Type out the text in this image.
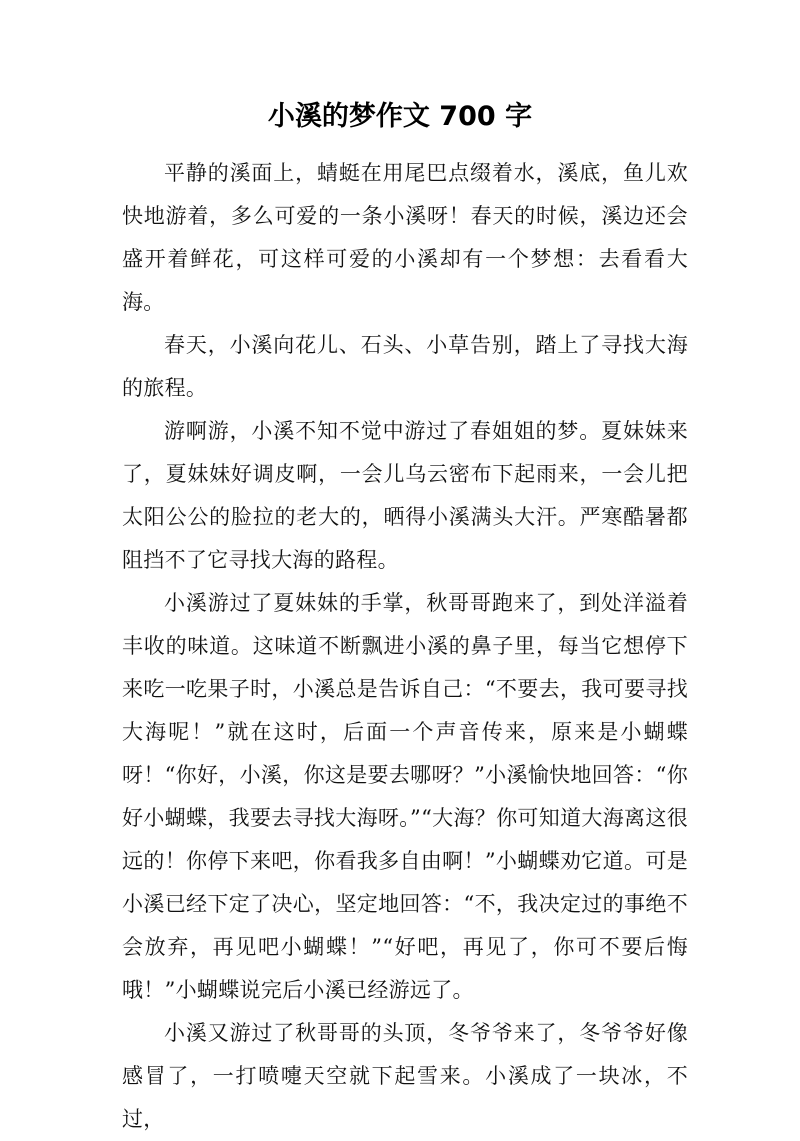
小溪的梦作文 700 字

平静的溪面上，蜻蜓在用尾巴点缀着水，溪底，鱼儿欢快地游着，多么可爱的一条小溪呀！春天的时候，溪边还会盛开着鲜花，可这样可爱的小溪却有一个梦想：去看看大海。

春天，小溪向花儿、石头、小草告别，踏上了寻找大海的旅程。

游啊游，小溪不知不觉中游过了春姐姐的梦。夏妹妹来了，夏妹妹好调皮啊，一会儿乌云密布下起雨来，一会儿把太阳公公的脸拉的老大的，晒得小溪满头大汗。严寒酷暑都阻挡不了它寻找大海的路程。

小溪游过了夏妹妹的手掌，秋哥哥跑来了，到处洋溢着丰收的味道。这味道不断飘进小溪的鼻子里，每当它想停下来吃一吃果子时，小溪总是告诉自己：“不要去，我可要寻找大海呢！”就在这时，后面一个声音传来，原来是小蝴蝶呀！“你好，小溪，你这是要去哪呀？”小溪愉快地回答：“你好小蝴蝶，我要去寻找大海呀。”“大海？你可知道大海离这很远的！你停下来吧，你看我多自由啊！”小蝴蝶劝它道。可是小溪已经下定了决心，坚定地回答：“不，我决定过的事绝不会放弃，再见吧小蝴蝶！”“好吧，再见了，你可不要后悔哦！”小蝴蝶说完后小溪已经游远了。

小溪又游过了秋哥哥的头顶，冬爷爷来了，冬爷爷好像感冒了，一打喷嚏天空就下起雪来。小溪成了一块冰，不过，
